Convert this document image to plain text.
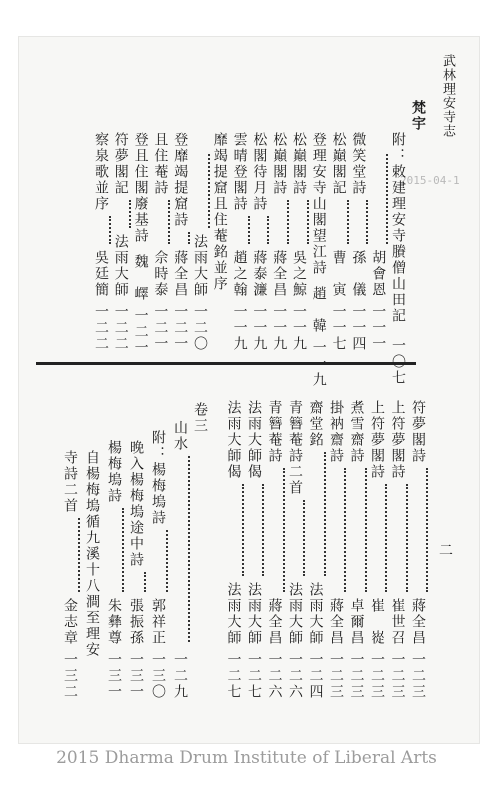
武林理安寺志
2015-04-1
梵宇
附：敕建理安寺賸僧山田記
一〇七
胡會恩
一一一
微笑堂詩
孫　儀
一一四
松巔閣記
曹　寅
一一七
登理安寺山閣望江詩
趙　韓
一一九
松巔閣詩
吳之鯨
一一九
松巔閣詩
蔣全昌
一一九
松閣待月詩
蔣泰濂
一一九
雲晴登閣詩
趙之翰
一一九
靡竭提窟且住菴銘並序
法雨大師
一二〇
登靡竭提窟詩
蔣全昌
一二一
且住菴詩
佘時泰
一二一
登且住閣廢基詩
魏　嶧
一二一
符夢閣記
法雨大師
一二二
察泉歌並序
吳廷簡
一二二
符夢閣詩
蔣全昌
一二三
上符夢閣詩
崔世召
一二三
上符夢閣詩
崔　嵸
一二三
煮雪齋詩
卓爾昌
一二三
掛衲齋詩
蔣全昌
一二三
齋堂銘
法雨大師
一二四
青簪菴詩二首
法雨大師
一二六
青簪菴詩
蔣全昌
一二六
法雨大師偈
法雨大師
一二七
法雨大師偈
法雨大師
一二七
卷三
山水
一二九
附：楊梅塢詩
郭祥正
一三〇
晚入楊梅塢途中詩
張振孫
一三一
楊梅塢詩
朱彝尊
一三一
自楊梅塢循九溪十八澗至理安
寺詩二首
金志章
一三二
二
2015 Dharma Drum Institute of Liberal Arts
